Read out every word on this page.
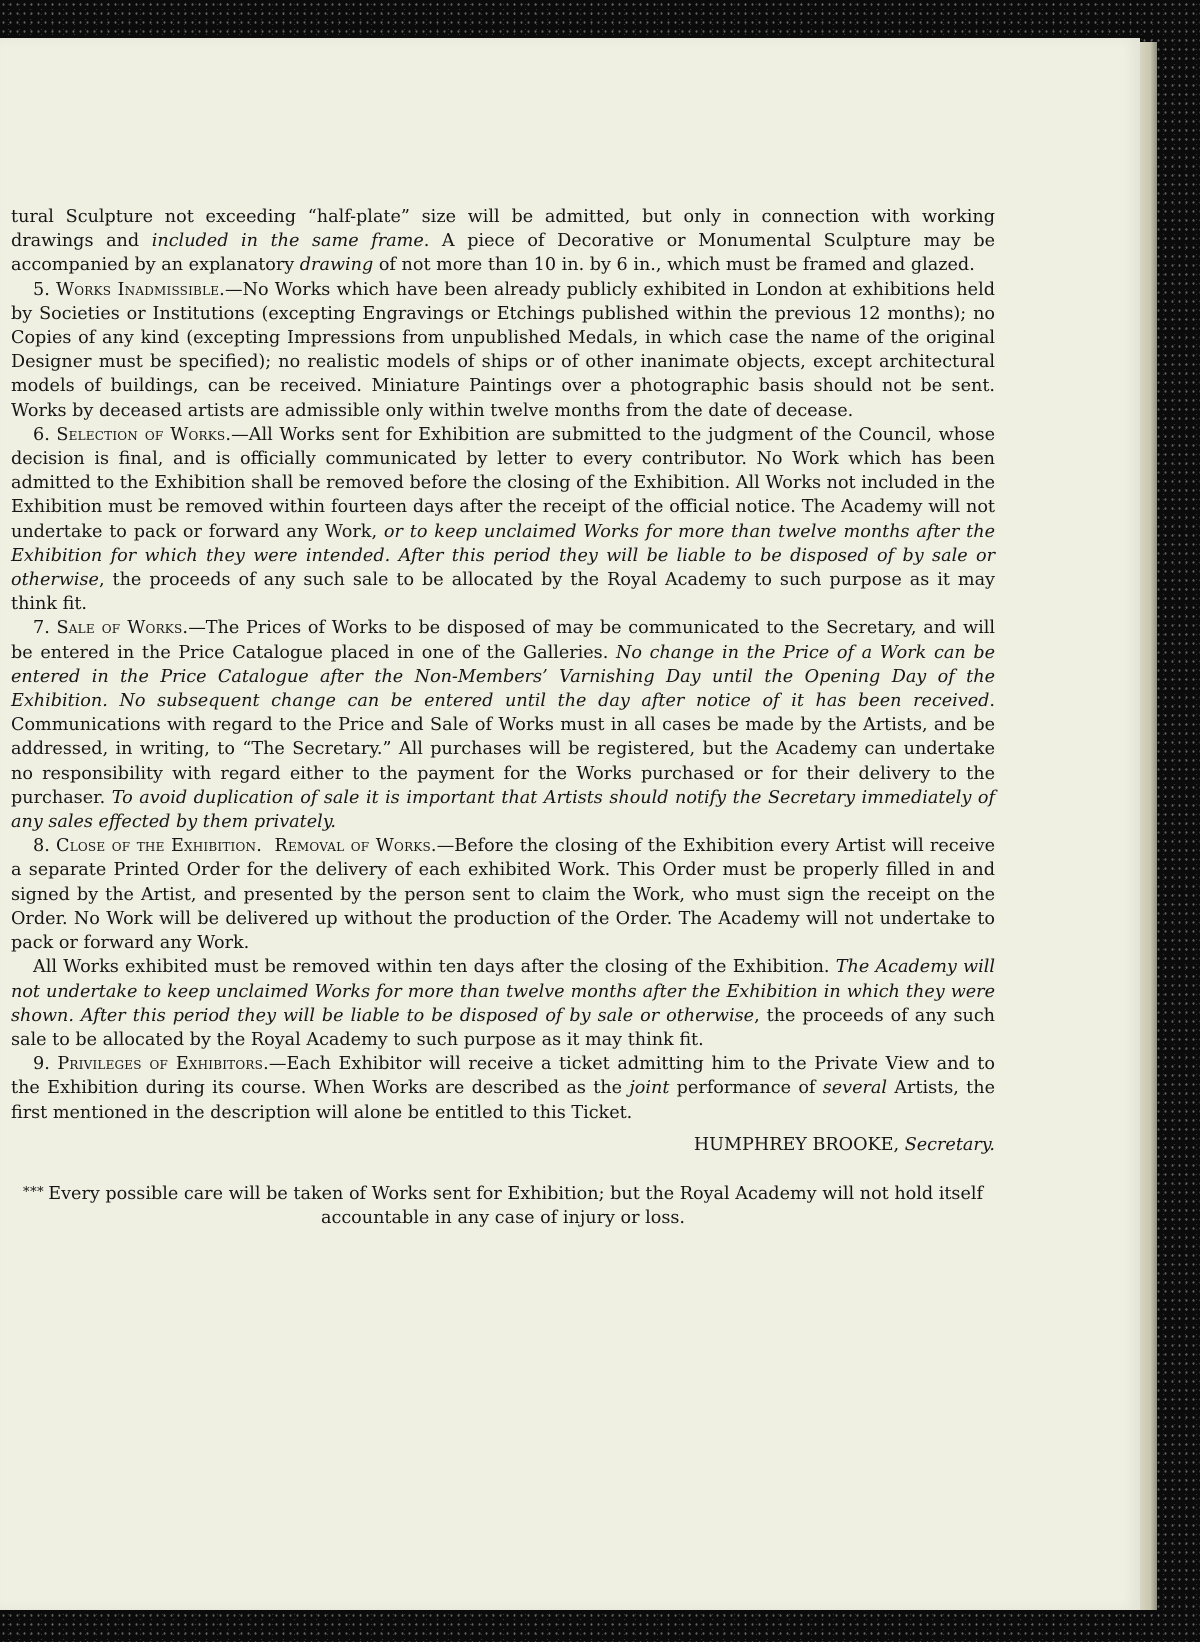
tural Sculpture not exceeding “half-plate” size will be admitted, but only in connection with working drawings and included in the same frame. A piece of Decorative or Monumental Sculpture may be accompanied by an explanatory drawing of not more than 10 in. by 6 in., which must be framed and glazed.

5. Works Inadmissible.—No Works which have been already publicly exhibited in London at exhibitions held by Societies or Institutions (excepting Engravings or Etchings published within the previous 12 months); no Copies of any kind (excepting Impressions from unpublished Medals, in which case the name of the original Designer must be specified); no realistic models of ships or of other inanimate objects, except architectural models of buildings, can be received. Miniature Paintings over a photographic basis should not be sent. Works by deceased artists are admissible only within twelve months from the date of decease.

6. Selection of Works.—All Works sent for Exhibition are submitted to the judgment of the Council, whose decision is final, and is officially communicated by letter to every contributor. No Work which has been admitted to the Exhibition shall be removed before the closing of the Exhibition. All Works not included in the Exhibition must be removed within fourteen days after the receipt of the official notice. The Academy will not undertake to pack or forward any Work, or to keep unclaimed Works for more than twelve months after the Exhibition for which they were intended. After this period they will be liable to be disposed of by sale or otherwise, the proceeds of any such sale to be allocated by the Royal Academy to such purpose as it may think fit.

7. Sale of Works.—The Prices of Works to be disposed of may be communicated to the Secretary, and will be entered in the Price Catalogue placed in one of the Galleries. No change in the Price of a Work can be entered in the Price Catalogue after the Non-Members’ Varnishing Day until the Opening Day of the Exhibition. No subsequent change can be entered until the day after notice of it has been received. Communications with regard to the Price and Sale of Works must in all cases be made by the Artists, and be addressed, in writing, to “The Secretary.” All purchases will be registered, but the Academy can undertake no responsibility with regard either to the payment for the Works purchased or for their delivery to the purchaser. To avoid duplication of sale it is important that Artists should notify the Secretary immediately of any sales effected by them privately.

8. Close of the Exhibition. Removal of Works.—Before the closing of the Exhibition every Artist will receive a separate Printed Order for the delivery of each exhibited Work. This Order must be properly filled in and signed by the Artist, and presented by the person sent to claim the Work, who must sign the receipt on the Order. No Work will be delivered up without the production of the Order. The Academy will not undertake to pack or forward any Work.

All Works exhibited must be removed within ten days after the closing of the Exhibition. The Academy will not undertake to keep unclaimed Works for more than twelve months after the Exhibition in which they were shown. After this period they will be liable to be disposed of by sale or otherwise, the proceeds of any such sale to be allocated by the Royal Academy to such purpose as it may think fit.

9. Privileges of Exhibitors.—Each Exhibitor will receive a ticket admitting him to the Private View and to the Exhibition during its course. When Works are described as the joint performance of several Artists, the first mentioned in the description will alone be entitled to this Ticket.

HUMPHREY BROOKE, Secretary.

* * * Every possible care will be taken of Works sent for Exhibition; but the Royal Academy will not hold itself accountable in any case of injury or loss.
